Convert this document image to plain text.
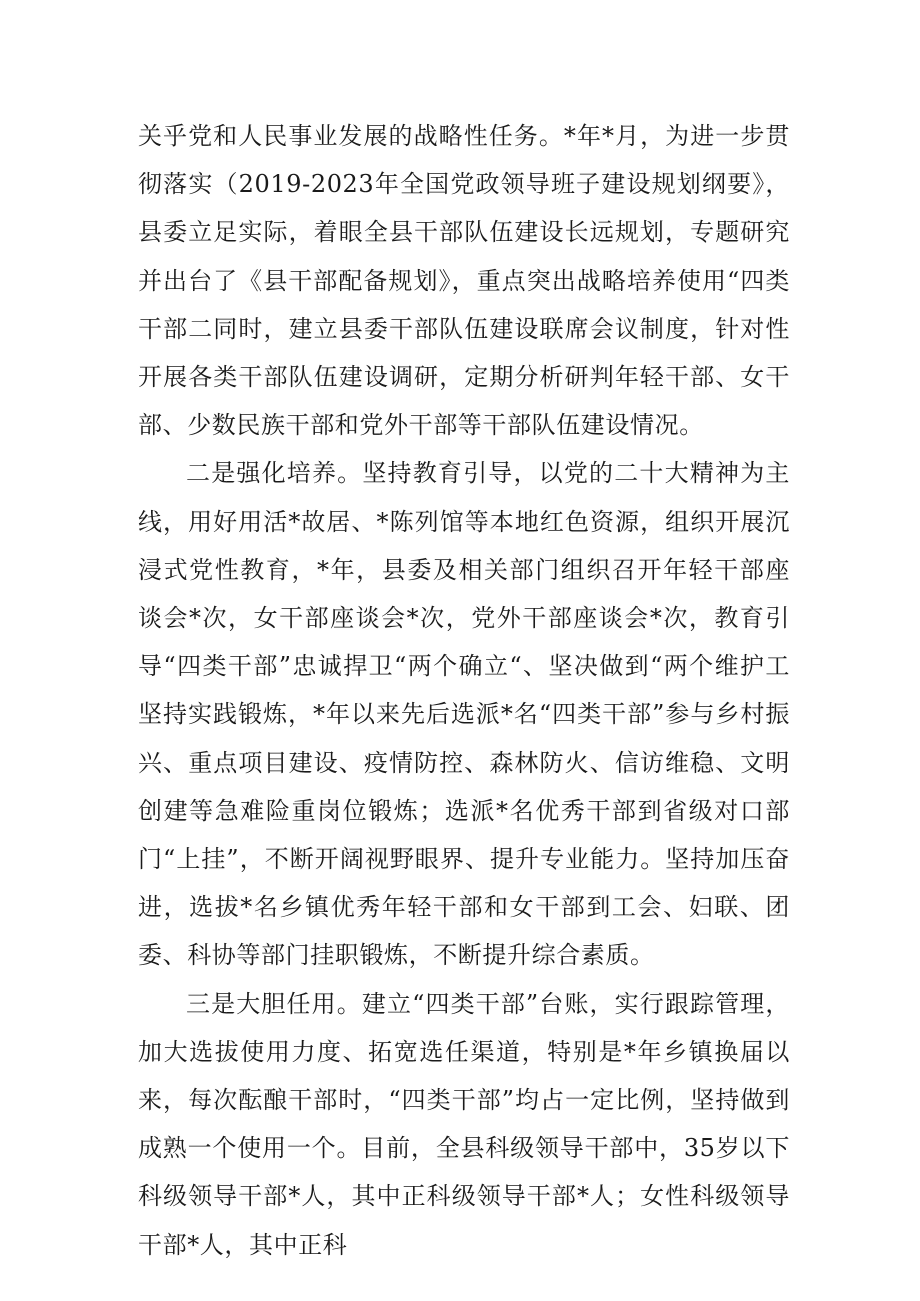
关乎党和人民事业发展的战略性任务。*年*月，为进一步贯彻落实（2019-2023年全国党政领导班子建设规划纲要》，县委立足实际，着眼全县干部队伍建设长远规划，专题研究并出台了《县干部配备规划》，重点突出战略培养使用“四类干部二同时，建立县委干部队伍建设联席会议制度，针对性开展各类干部队伍建设调研，定期分析研判年轻干部、女干部、少数民族干部和党外干部等干部队伍建设情况。

二是强化培养。坚持教育引导，以党的二十大精神为主线，用好用活*故居、*陈列馆等本地红色资源，组织开展沉浸式党性教育，*年，县委及相关部门组织召开年轻干部座谈会*次，女干部座谈会*次，党外干部座谈会*次，教育引导“四类干部”忠诚捍卫“两个确立“、坚决做到“两个维护工坚持实践锻炼，*年以来先后选派*名“四类干部”参与乡村振兴、重点项目建设、疫情防控、森林防火、信访维稳、文明创建等急难险重岗位锻炼；选派*名优秀干部到省级对口部门“上挂”，不断开阔视野眼界、提升专业能力。坚持加压奋进，选拔*名乡镇优秀年轻干部和女干部到工会、妇联、团委、科协等部门挂职锻炼，不断提升综合素质。

三是大胆任用。建立“四类干部”台账，实行跟踪管理，加大选拔使用力度、拓宽选任渠道，特别是*年乡镇换届以来，每次酝酿干部时，“四类干部”均占一定比例，坚持做到成熟一个使用一个。目前，全县科级领导干部中，35岁以下科级领导干部*人，其中正科级领导干部*人；女性科级领导干部*人，其中正科
